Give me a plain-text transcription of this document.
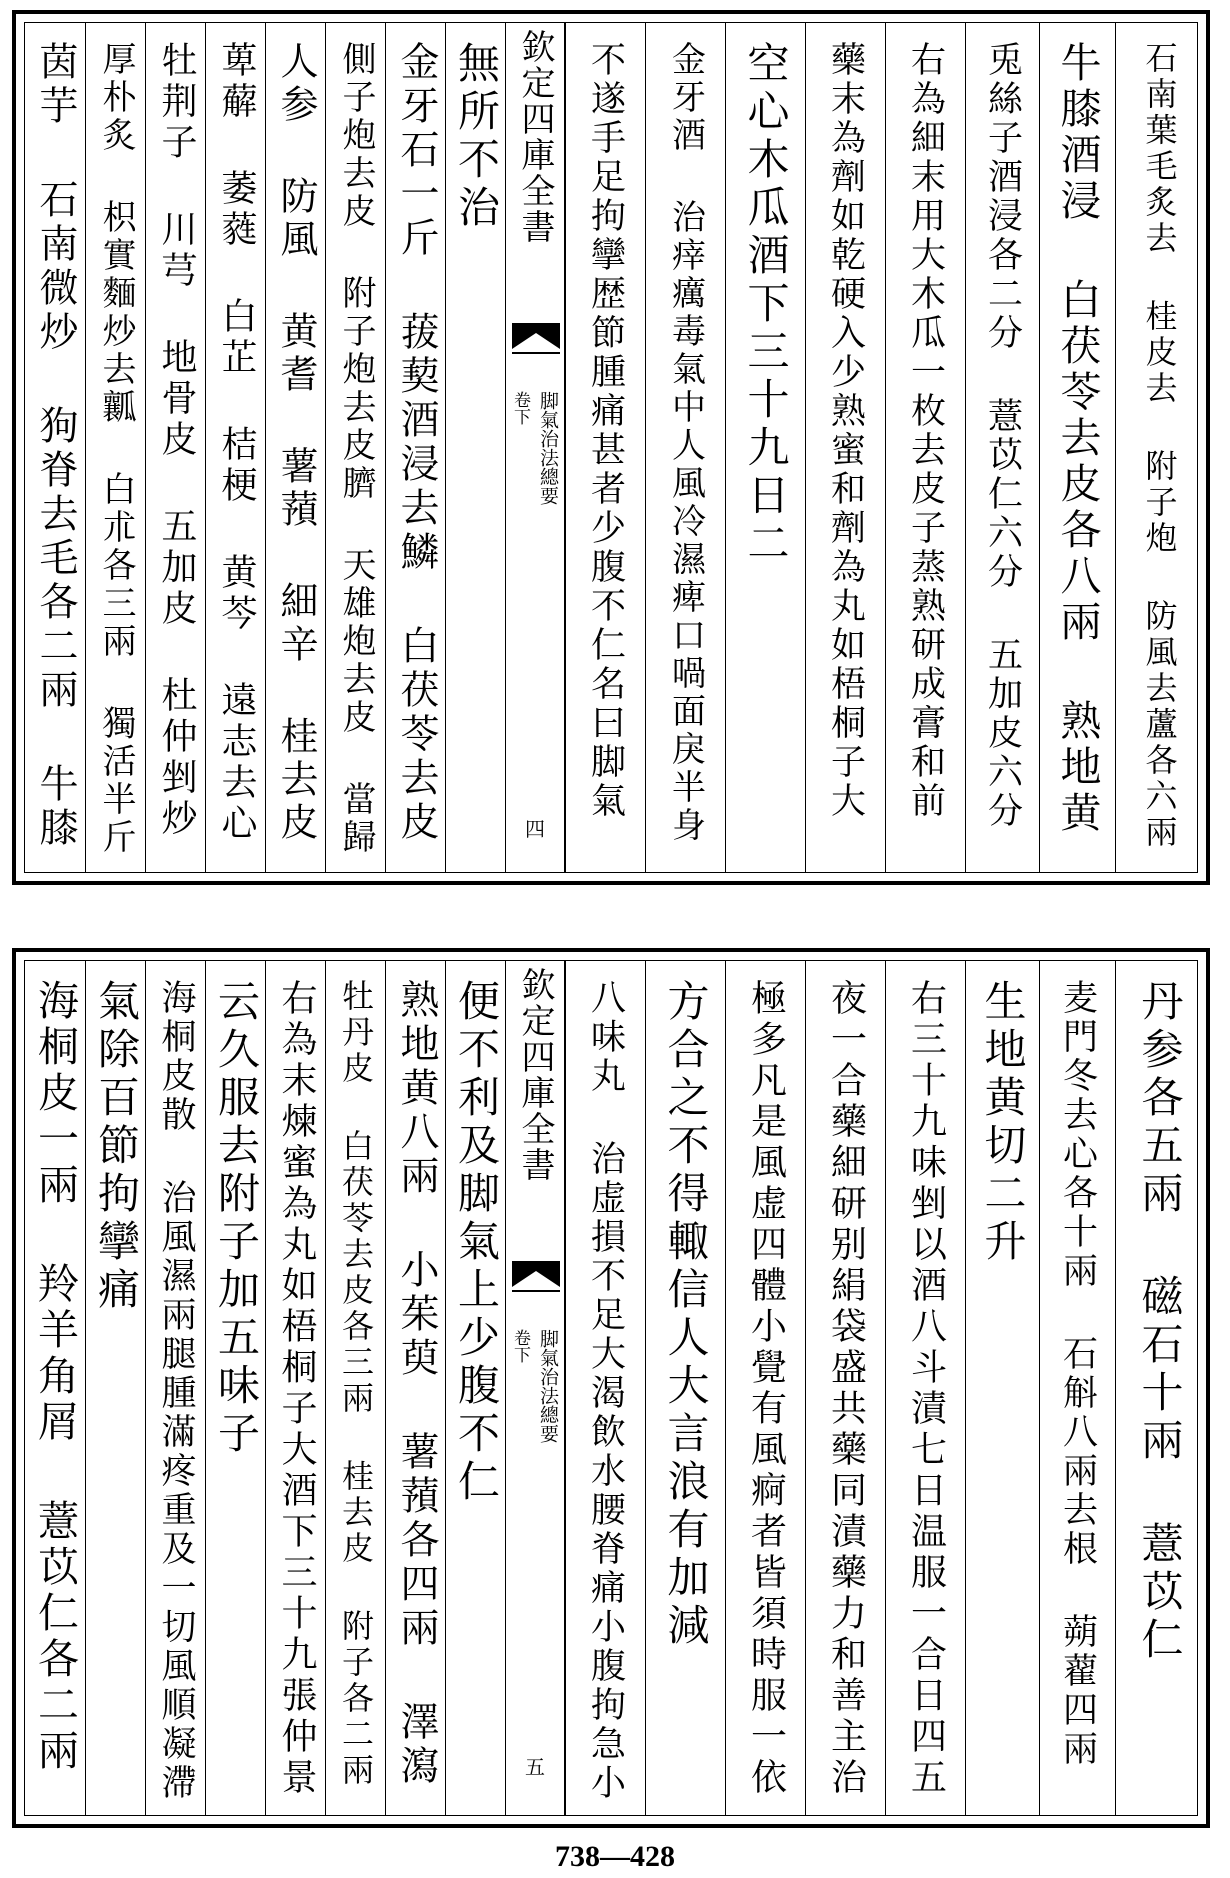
茵芋 石南微炒 狗脊去毛各二兩 牛膝 厚朴炙 枳實麵炒去瓤 白朮各三兩 獨活半斤 牡荆子 川芎 地骨皮 五加皮 杜仲剉炒 萆薢 萎蕤 白芷 桔梗 黄芩 遠志去心 人参 防風 黄耆 薯蕷 細辛 桂去皮 側子炮去皮 附子炮去皮臍 天雄炮去皮 當歸 金牙石一斤 菝葜酒浸去鱗 白茯苓去皮 無所不治 欽定四庫全書
脚氣治法總要
卷下
四
不遂手足拘攣歴節腫痛甚者少腹不仁名曰脚氣 金牙酒 治㾕癘毒氣中人風冷濕痺口喎面戾半身 空心木瓜酒下三十九日二 藥末為劑如乾硬入少熟蜜和劑為丸如梧桐子大 右為細末用大木瓜一枚去皮子蒸熟研成膏和前 兎絲子酒浸各二分 薏苡仁六分 五加皮六分 牛膝酒浸 白茯苓去皮各八兩 熟地黄	石南葉毛炙去 桂皮去 附子炮 防風去蘆各六兩
海桐皮一兩 羚羊角屑 薏苡仁各二兩 氣除百節拘攣痛 海桐皮散 治風濕兩腿腫滿疼重及一切風順凝滯 云久服去附子加五味子 右為末煉蜜為丸如梧桐子大酒下三十九張仲景 牡丹皮 白茯苓去皮各三兩 桂去皮 附子各二兩 熟地黄八兩 小茱萸 薯蕷各四兩 澤瀉 便不利及脚氣上少腹不仁 欽定四庫全書
脚氣治法總要
卷下
五	八味丸 治虚損不足大渴飲水腰脊痛小腹拘急小 方合之不得輙信人大言浪有加減 極多凡是風虚四體小覺有風痾者皆須時服一依 夜一合藥細研别絹袋盛共藥同漬藥力和善主治 右三十九味剉以酒八斗漬七日温服一合日四五 生地黄切二升 麦門冬去心各十兩 石斛八兩去根 蒴藋四兩 丹参各五兩 磁石十兩 薏苡仁
738—428
